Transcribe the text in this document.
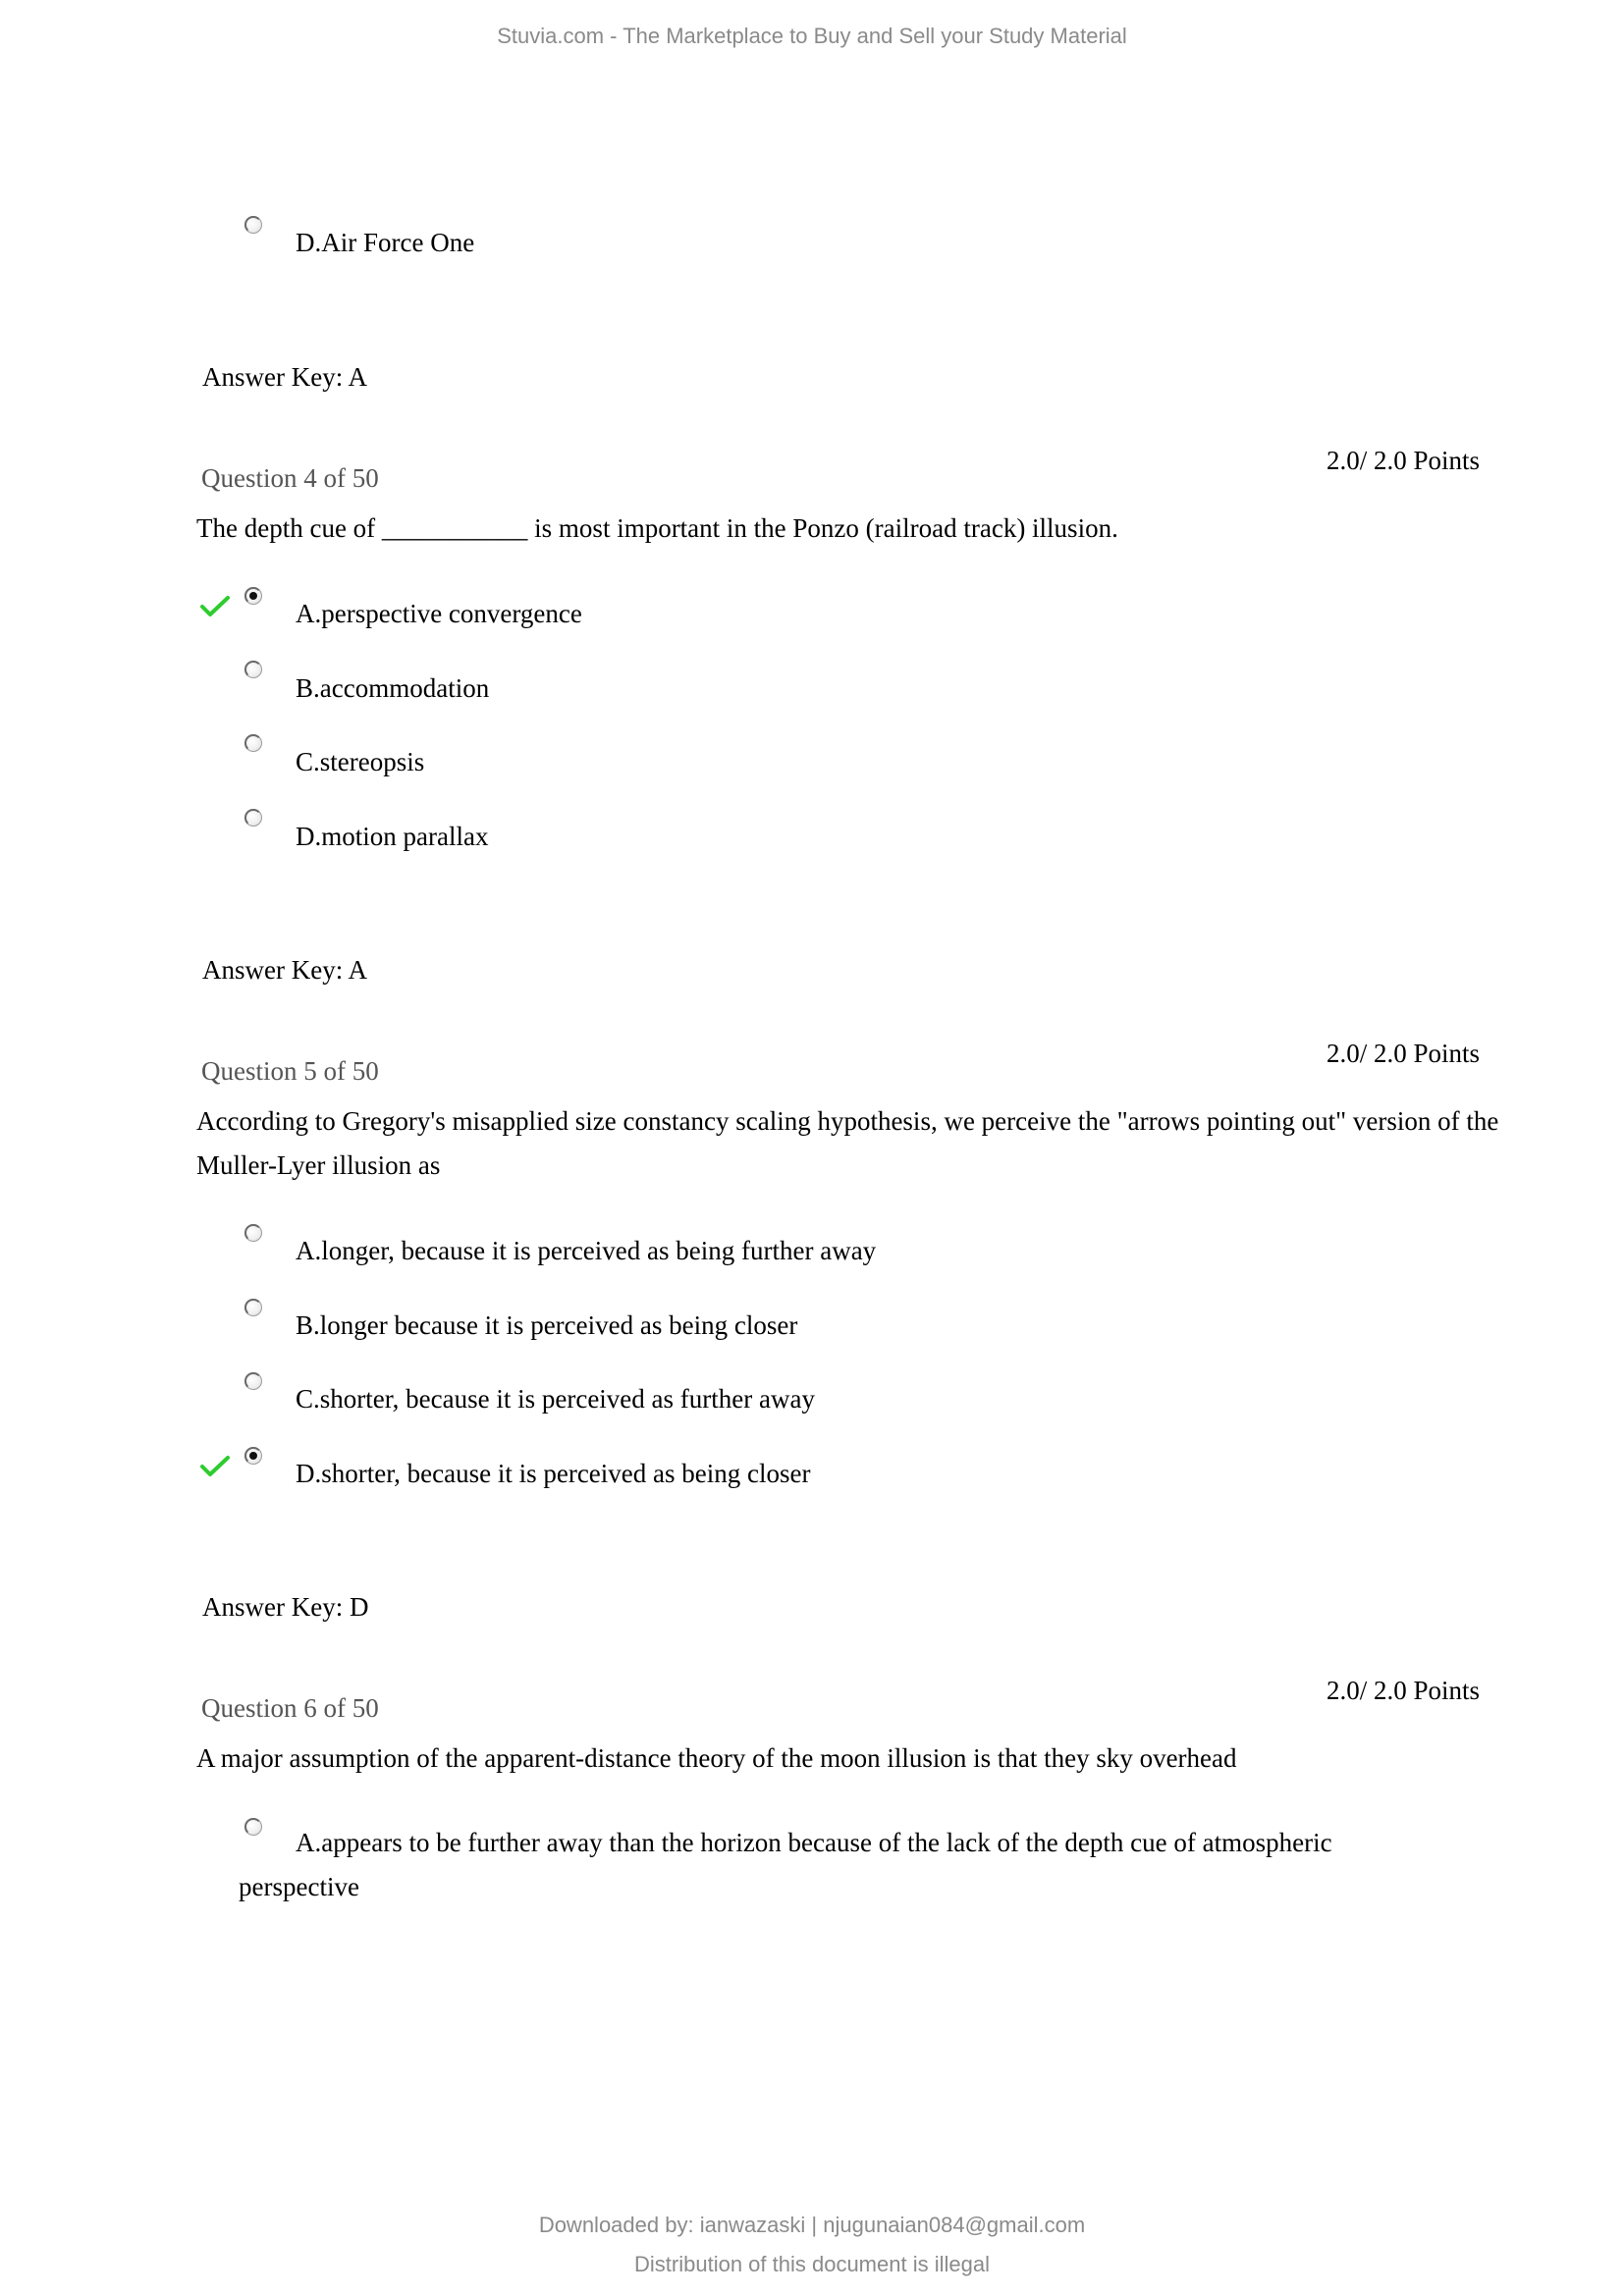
Stuvia.com - The Marketplace to Buy and Sell your Study Material
D.Air Force One
Answer Key: A
2.0/ 2.0 Points
Question 4 of 50
The depth cue of ___________ is most important in the Ponzo (railroad track) illusion.
A.perspective convergence
B.accommodation
C.stereopsis
D.motion parallax
Answer Key: A
2.0/ 2.0 Points
Question 5 of 50
According to Gregory's misapplied size constancy scaling hypothesis, we perceive the "arrows pointing out" version of the Muller-Lyer illusion as
A.longer, because it is perceived as being further away
B.longer because it is perceived as being closer
C.shorter, because it is perceived as further away
D.shorter, because it is perceived as being closer
Answer Key: D
2.0/ 2.0 Points
Question 6 of 50
A major assumption of the apparent-distance theory of the moon illusion is that they sky overhead
A.appears to be further away than the horizon because of the lack of the depth cue of atmospheric perspective
Downloaded by: ianwazaski | njugunaian084@gmail.com
Distribution of this document is illegal
